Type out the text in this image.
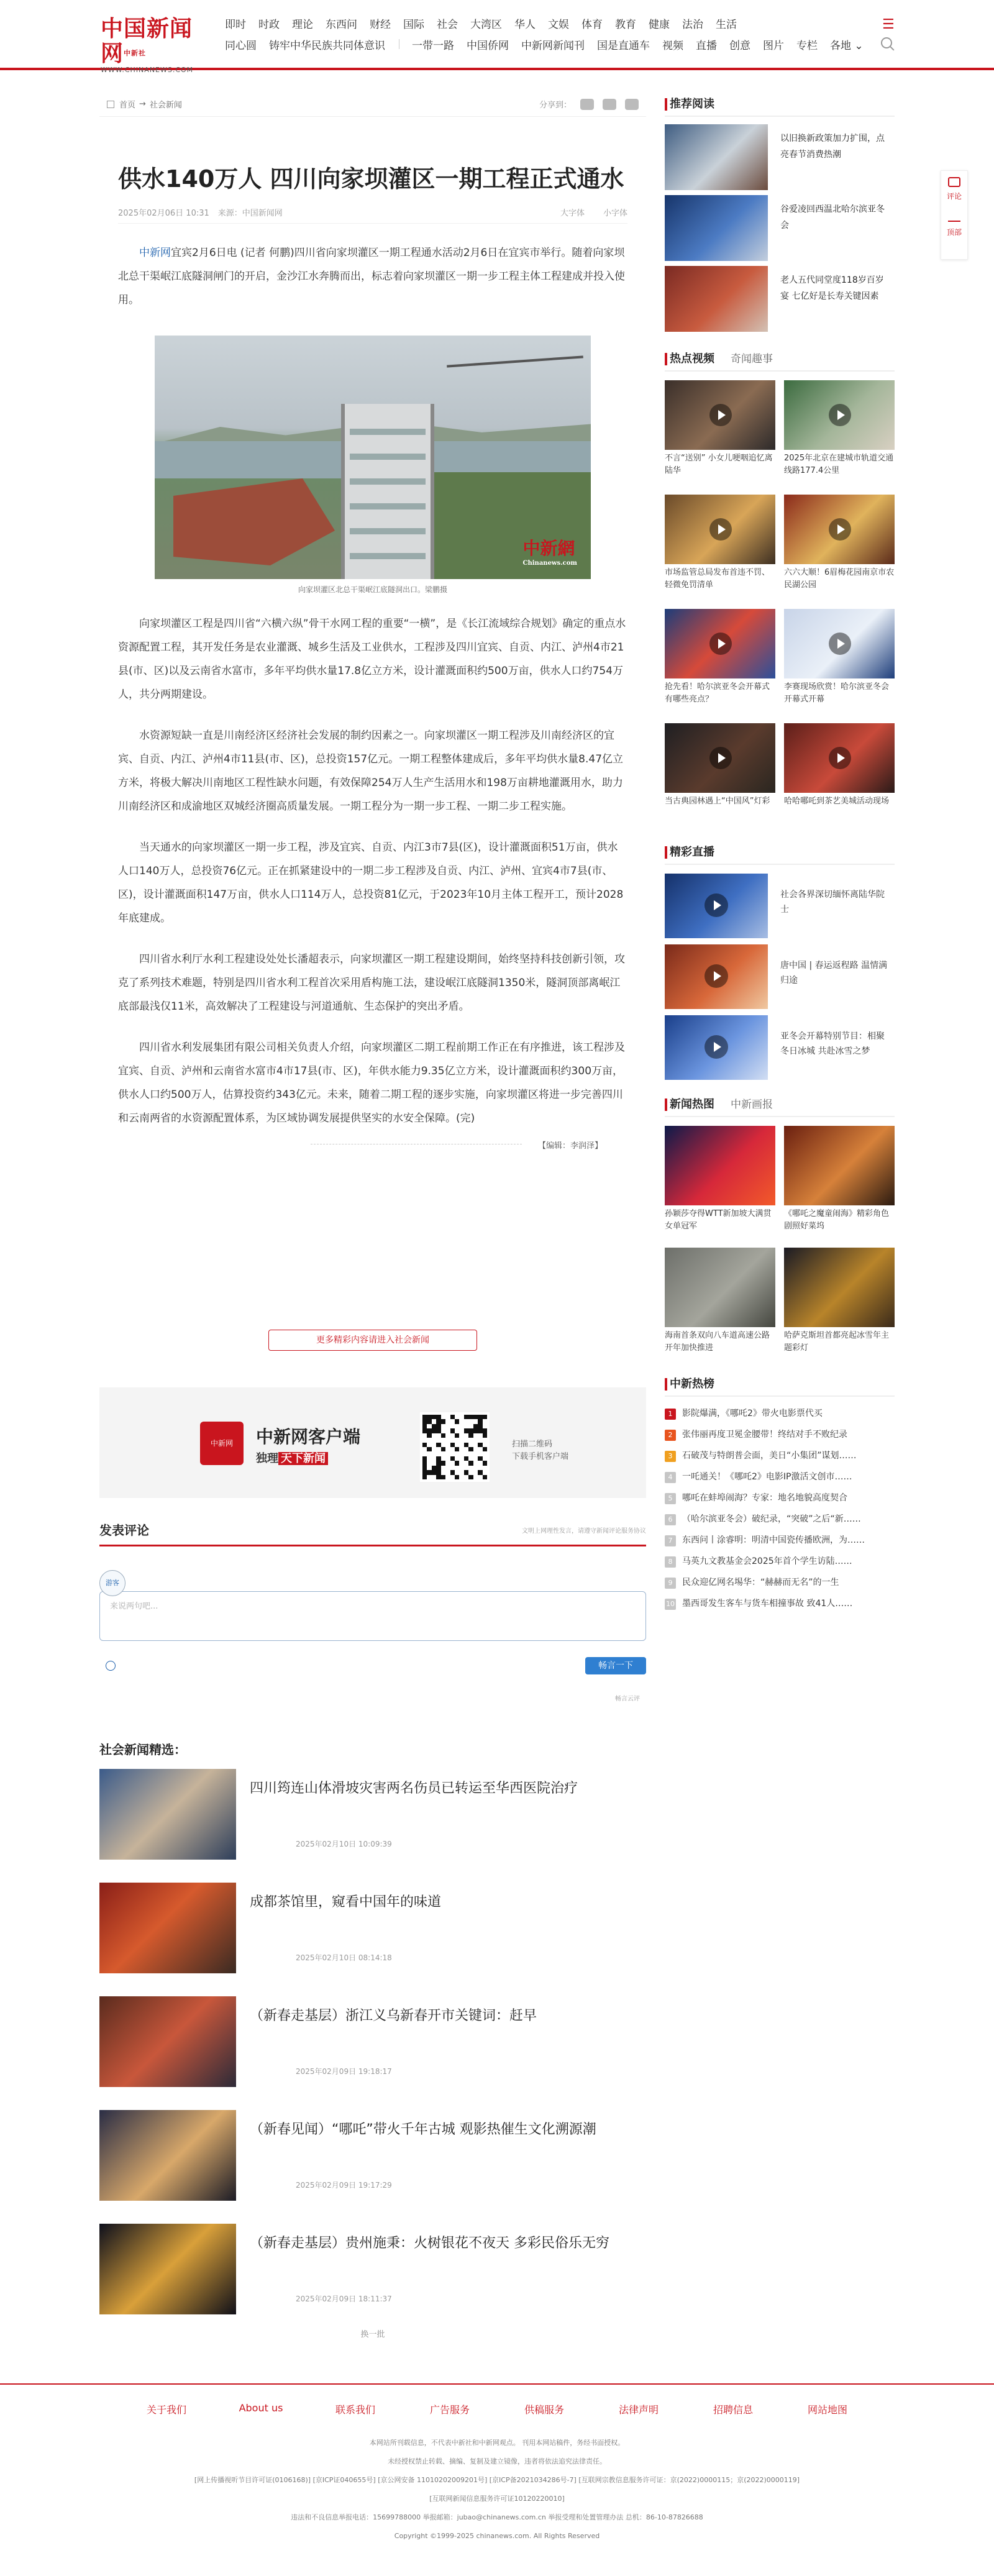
中国新闻网$^{中新社}$
WWW.CHINANEWS.COM
即时 时政 理论 东西问 财经 国际 社会 大湾区 华人 文娱 体育 教育 健康 法治 生活
同心圆 铸牢中华民族共同体意识	一带一路 中国侨网 中新网新闻刊 国是直通车 视频 直播 创意 图片 专栏 各地 ⌄
☰
首页 → 社会新闻	分享到：
供水140万人 四川向家坝灌区一期工程正式通水
2025年02月06日 10:31 来源：中国新闻网	大字体 小字体

中新网宜宾2月6日电 (记者 何鹏)四川省向家坝灌区一期工程通水活动2月6日在宜宾市举行。随着向家坝北总干渠岷江底隧洞闸门的开启，金沙江水奔腾而出，标志着向家坝灌区一期一步工程主体工程建成并投入使用。

中新網
Chinanews.com
向家坝灌区北总干渠岷江底隧洞出口。梁鹏摄

向家坝灌区工程是四川省“六横六纵”骨干水网工程的重要“一横”，是《长江流域综合规划》确定的重点水资源配置工程，其开发任务是农业灌溉、城乡生活及工业供水，工程涉及四川宜宾、自贡、内江、泸州4市21县(市、区)以及云南省水富市，多年平均供水量17.8亿立方米，设计灌溉面积约500万亩，供水人口约754万人，共分两期建设。

水资源短缺一直是川南经济区经济社会发展的制约因素之一。向家坝灌区一期工程涉及川南经济区的宜宾、自贡、内江、泸州4市11县(市、区)，总投资157亿元。一期工程整体建成后，多年平均供水量8.47亿立方米，将极大解决川南地区工程性缺水问题，有效保障254万人生产生活用水和198万亩耕地灌溉用水，助力川南经济区和成渝地区双城经济圈高质量发展。一期工程分为一期一步工程、一期二步工程实施。

当天通水的向家坝灌区一期一步工程，涉及宜宾、自贡、内江3市7县(区)，设计灌溉面积51万亩，供水人口140万人，总投资76亿元。正在抓紧建设中的一期二步工程涉及自贡、内江、泸州、宜宾4市7县(市、区)，设计灌溉面积147万亩，供水人口114万人，总投资81亿元，于2023年10月主体工程开工，预计2028年底建成。

四川省水利厅水利工程建设处处长潘超表示，向家坝灌区一期工程建设期间，始终坚持科技创新引领，攻克了系列技术难题，特别是四川省水利工程首次采用盾构施工法，建设岷江底隧洞1350米，隧洞顶部离岷江底部最浅仅11米，高效解决了工程建设与河道通航、生态保护的突出矛盾。

四川省水利发展集团有限公司相关负责人介绍，向家坝灌区二期工程前期工作正在有序推进，该工程涉及宜宾、自贡、泸州和云南省水富市4市17县(市、区)，年供水能力9.35亿立方米，设计灌溉面积约300万亩，供水人口约500万人，估算投资约343亿元。未来，随着二期工程的逐步实施，向家坝灌区将进一步完善四川和云南两省的水资源配置体系，为区域协调发展提供坚实的水安全保障。(完)

【编辑：李润泽】
更多精彩内容请进入社会新闻
中新网	中新网客户端
独理 天下新闻
扫描二维码
下载手机客户端
发表评论	文明上网理性发言，请遵守新闻评论服务协议
来说两句吧...
游客
畅言一下
畅言云评
社会新闻精选：
四川筠连山体滑坡灾害两名伤员已转运至华西医院治疗
2025年02月10日 10:09:39
成都茶馆里，窥看中国年的味道
2025年02月10日 08:14:18
（新春走基层）浙江义乌新春开市关键词：赶早
2025年02月09日 19:18:17
（新春见闻）“哪吒”带火千年古城 观影热催生文化溯源潮
2025年02月09日 19:17:29
（新春走基层）贵州施秉：火树银花不夜天 多彩民俗乐无穷
2025年02月09日 18:11:37
换一批
推荐阅读
以旧换新政策加力扩围，点亮春节消费热潮
谷爱凌回西温北哈尔滨亚冬会
老人五代同堂度118岁百岁宴 七亿好是长寿关键因素
热点视频 奇闻趣事
不言“送别” 小女儿哽咽追忆离陆华
2025年北京在建城市轨道交通线路177.4公里
市场监管总局发布首违不罚、轻微免罚清单
六六大顺！6眉梅花园南京市农民湖公园
抢先看！哈尔滨亚冬会开幕式有哪些亮点？
李赛现场欣赏！哈尔滨亚冬会开幕式开幕
当古典园林遇上“中国风”灯彩	哈哈哪吒到茶艺美城活动现场
精彩直播
社会各界深切缅怀离陆华院士
唐中国 | 春运返程路 温情满归途
亚冬会开幕特别节目：相聚冬日冰城 共赴冰雪之梦
新闻热图 中新画报
孙颖莎夺得WTT新加坡大满贯女单冠军
《哪吒之魔童闹海》精彩角色剧照好菜坞
海南首条双向八车道高速公路开年加快推进
哈萨克斯坦首都亮起冰雪年主题彩灯
中新热榜
1	影院爆满，《哪吒2》带火电影票代买
2	张伟丽再度卫冕金腰带！终结对手不败纪录
3	石破茂与特朗普会面，美日“小集团”谋划……
4	一吒通关！《哪吒2》电影IP激活文创市……
5	哪吒在蚌埠闹海？专家：地名地貌高度契合
6	（哈尔滨亚冬会）破纪录，“突破”之后“新……
7	东西问丨涂睿明：明清中国瓷传播欧洲，为……
8	马英九文教基金会2025年首个学生访陆……
9	民众迎亿网名埸华：“赫赫而无名”的一生
10 墨西哥发生客车与货车相撞事故 致41人……
评论
顶部
关于我们	About us	联系我们	广告服务	供稿服务	法律声明	招聘信息	网站地图
本网站所刊载信息，不代表中新社和中新网观点。 刊用本网站稿件，务经书面授权。
未经授权禁止转载、摘编、复制及建立镜像，违者将依法追究法律责任。
[网上传播视听节目许可证(0106168)] [京ICP证040655号] [京公网安备 11010202009201号] [京ICP备2021034286号-7] [互联网宗教信息服务许可证：京(2022)0000115；京(2022)0000119]
[互联网新闻信息服务许可证10120220010]
违法和不良信息举报电话：15699788000 举报邮箱：jubao@chinanews.com.cn 举报受理和处置管理办法 总机：86-10-87826688
Copyright ©1999-2025 chinanews.com. All Rights Reserved
